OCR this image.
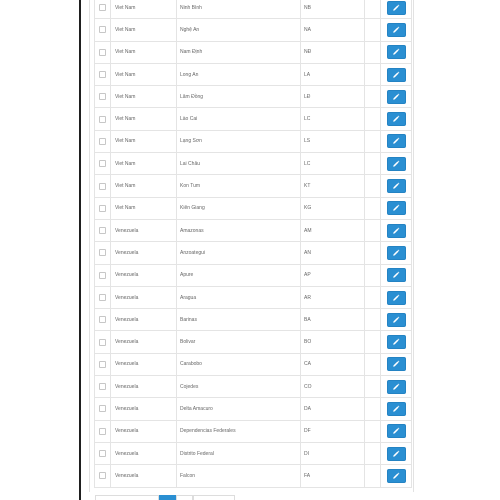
	Viet Nam	Ninh Bình	NB		

	Viet Nam	Nghệ An	NA		

	Viet Nam	Nam Định	NĐ		

	Viet Nam	Long An	LA		

	Viet Nam	Lâm Đồng	LĐ		

	Viet Nam	Lào Cai	LC		

	Viet Nam	Lạng Sơn	LS		

	Viet Nam	Lai Châu	LC		

	Viet Nam	Kon Tum	KT		

	Viet Nam	Kiên Giang	KG		

	Venezuela	Amazonas	AM		

	Venezuela	Anzoategui	AN		

	Venezuela	Apure	AP		

	Venezuela	Aragua	AR		

	Venezuela	Barinas	BA		

	Venezuela	Bolivar	BO		

	Venezuela	Carabobo	CA		

	Venezuela	Cojedes	CO		

	Venezuela	Delta Amacuro	DA		

	Venezuela	Dependencias Federales	DF		

	Venezuela	Distrito Federal	DI		

	Venezuela	Falcon	FA		
